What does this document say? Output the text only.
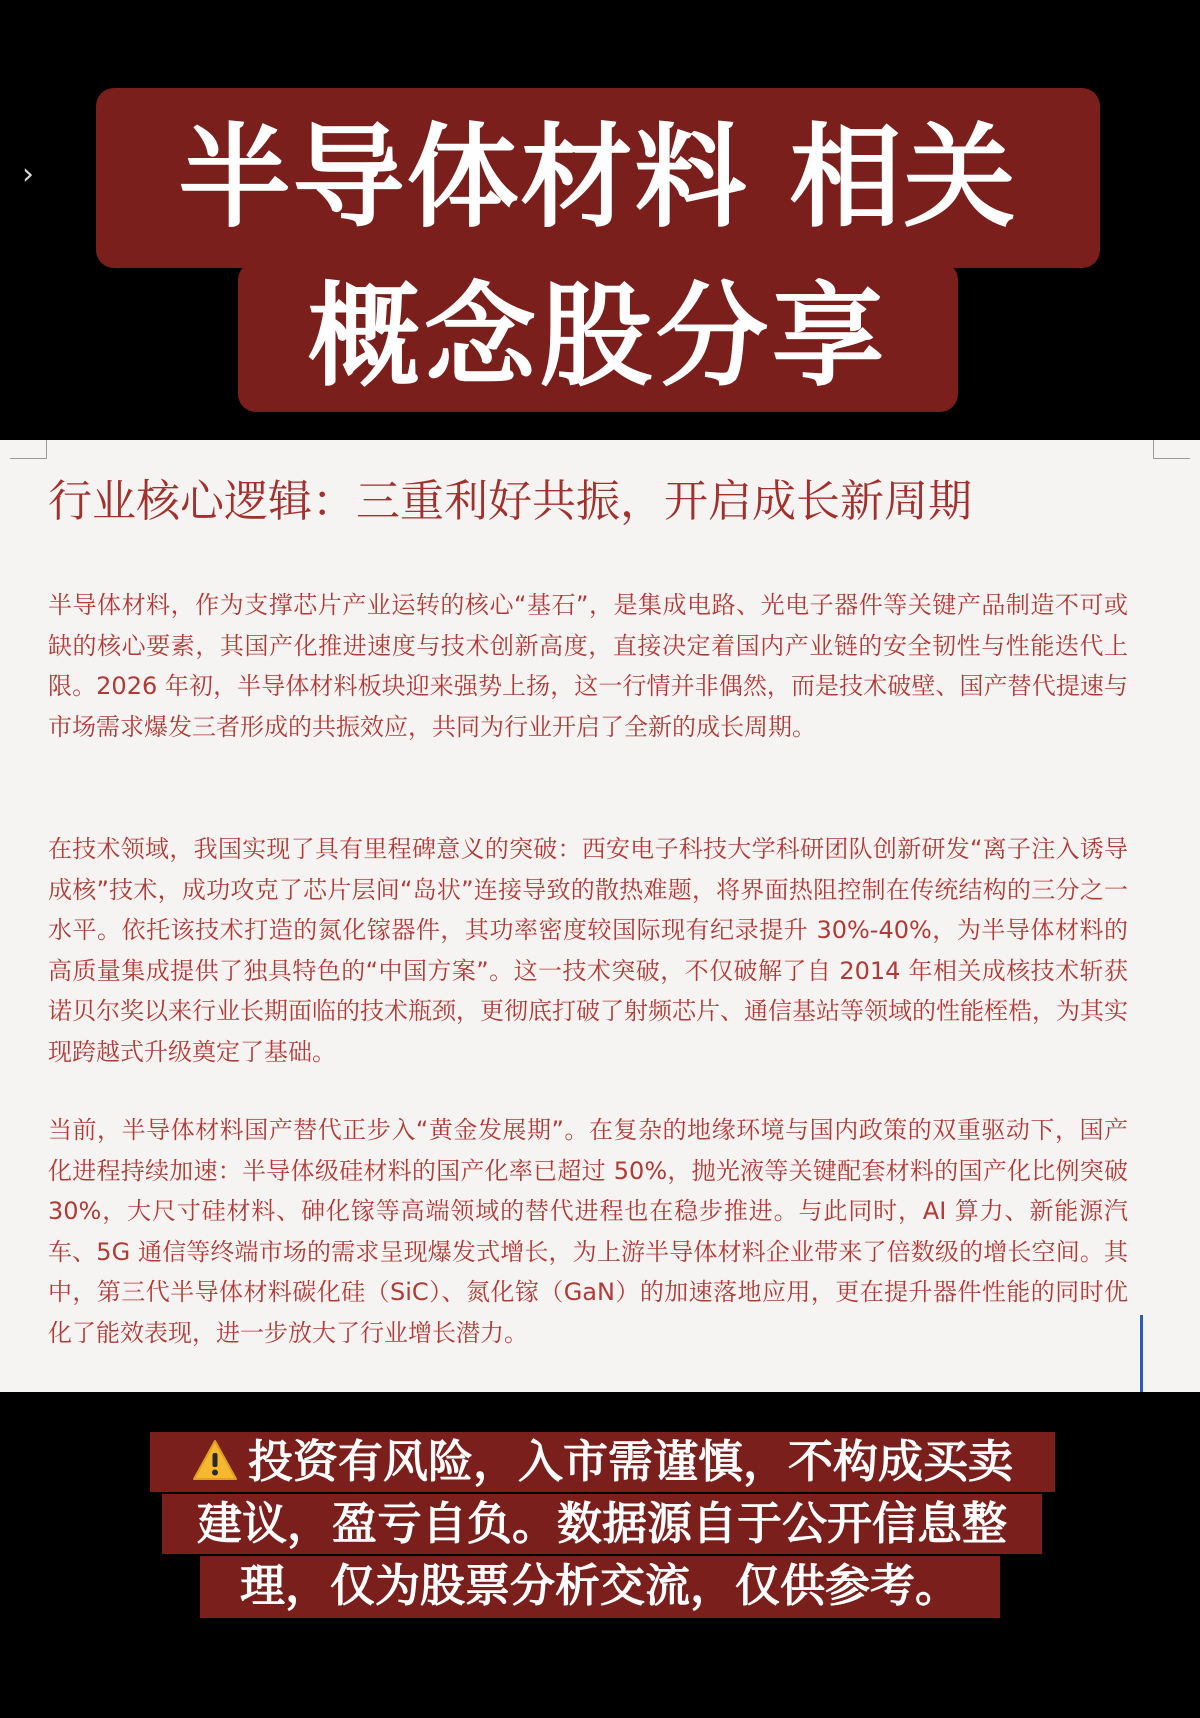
›	半导体材料 相关
概念股分享
行业核心逻辑：三重利好共振，开启成长新周期

半导体材料，作为支撑芯片产业运转的核心“基石”，是集成电路、光电子器件等关键产品制造不可或缺的核心要素，其国产化推进速度与技术创新高度，直接决定着国内产业链的安全韧性与性能迭代上限。2026 年初，半导体材料板块迎来强势上扬，这一行情并非偶然，而是技术破壁、国产替代提速与市场需求爆发三者形成的共振效应，共同为行业开启了全新的成长周期。

在技术领域，我国实现了具有里程碑意义的突破：西安电子科技大学科研团队创新研发“离子注入诱导成核”技术，成功攻克了芯片层间“岛状”连接导致的散热难题，将界面热阻控制在传统结构的三分之一水平。依托该技术打造的氮化镓器件，其功率密度较国际现有纪录提升 30%-40%，为半导体材料的高质量集成提供了独具特色的“中国方案”。这一技术突破，不仅破解了自 2014 年相关成核技术斩获诺贝尔奖以来行业长期面临的技术瓶颈，更彻底打破了射频芯片、通信基站等领域的性能桎梏，为其实现跨越式升级奠定了基础。

当前，半导体材料国产替代正步入“黄金发展期”。在复杂的地缘环境与国内政策的双重驱动下，国产化进程持续加速：半导体级硅材料的国产化率已超过 50%，抛光液等关键配套材料的国产化比例突破 30%，大尺寸硅材料、砷化镓等高端领域的替代进程也在稳步推进。与此同时，AI 算力、新能源汽车、5G 通信等终端市场的需求呈现爆发式增长，为上游半导体材料企业带来了倍数级的增长空间。其中，第三代半导体材料碳化硅（SiC）、氮化镓（GaN）的加速落地应用，更在提升器件性能的同时优化了能效表现，进一步放大了行业增长潜力。

投资有风险，入市需谨慎，不构成买卖
建议，盈亏自负。数据源自于公开信息整
理，仅为股票分析交流，仅供参考。
